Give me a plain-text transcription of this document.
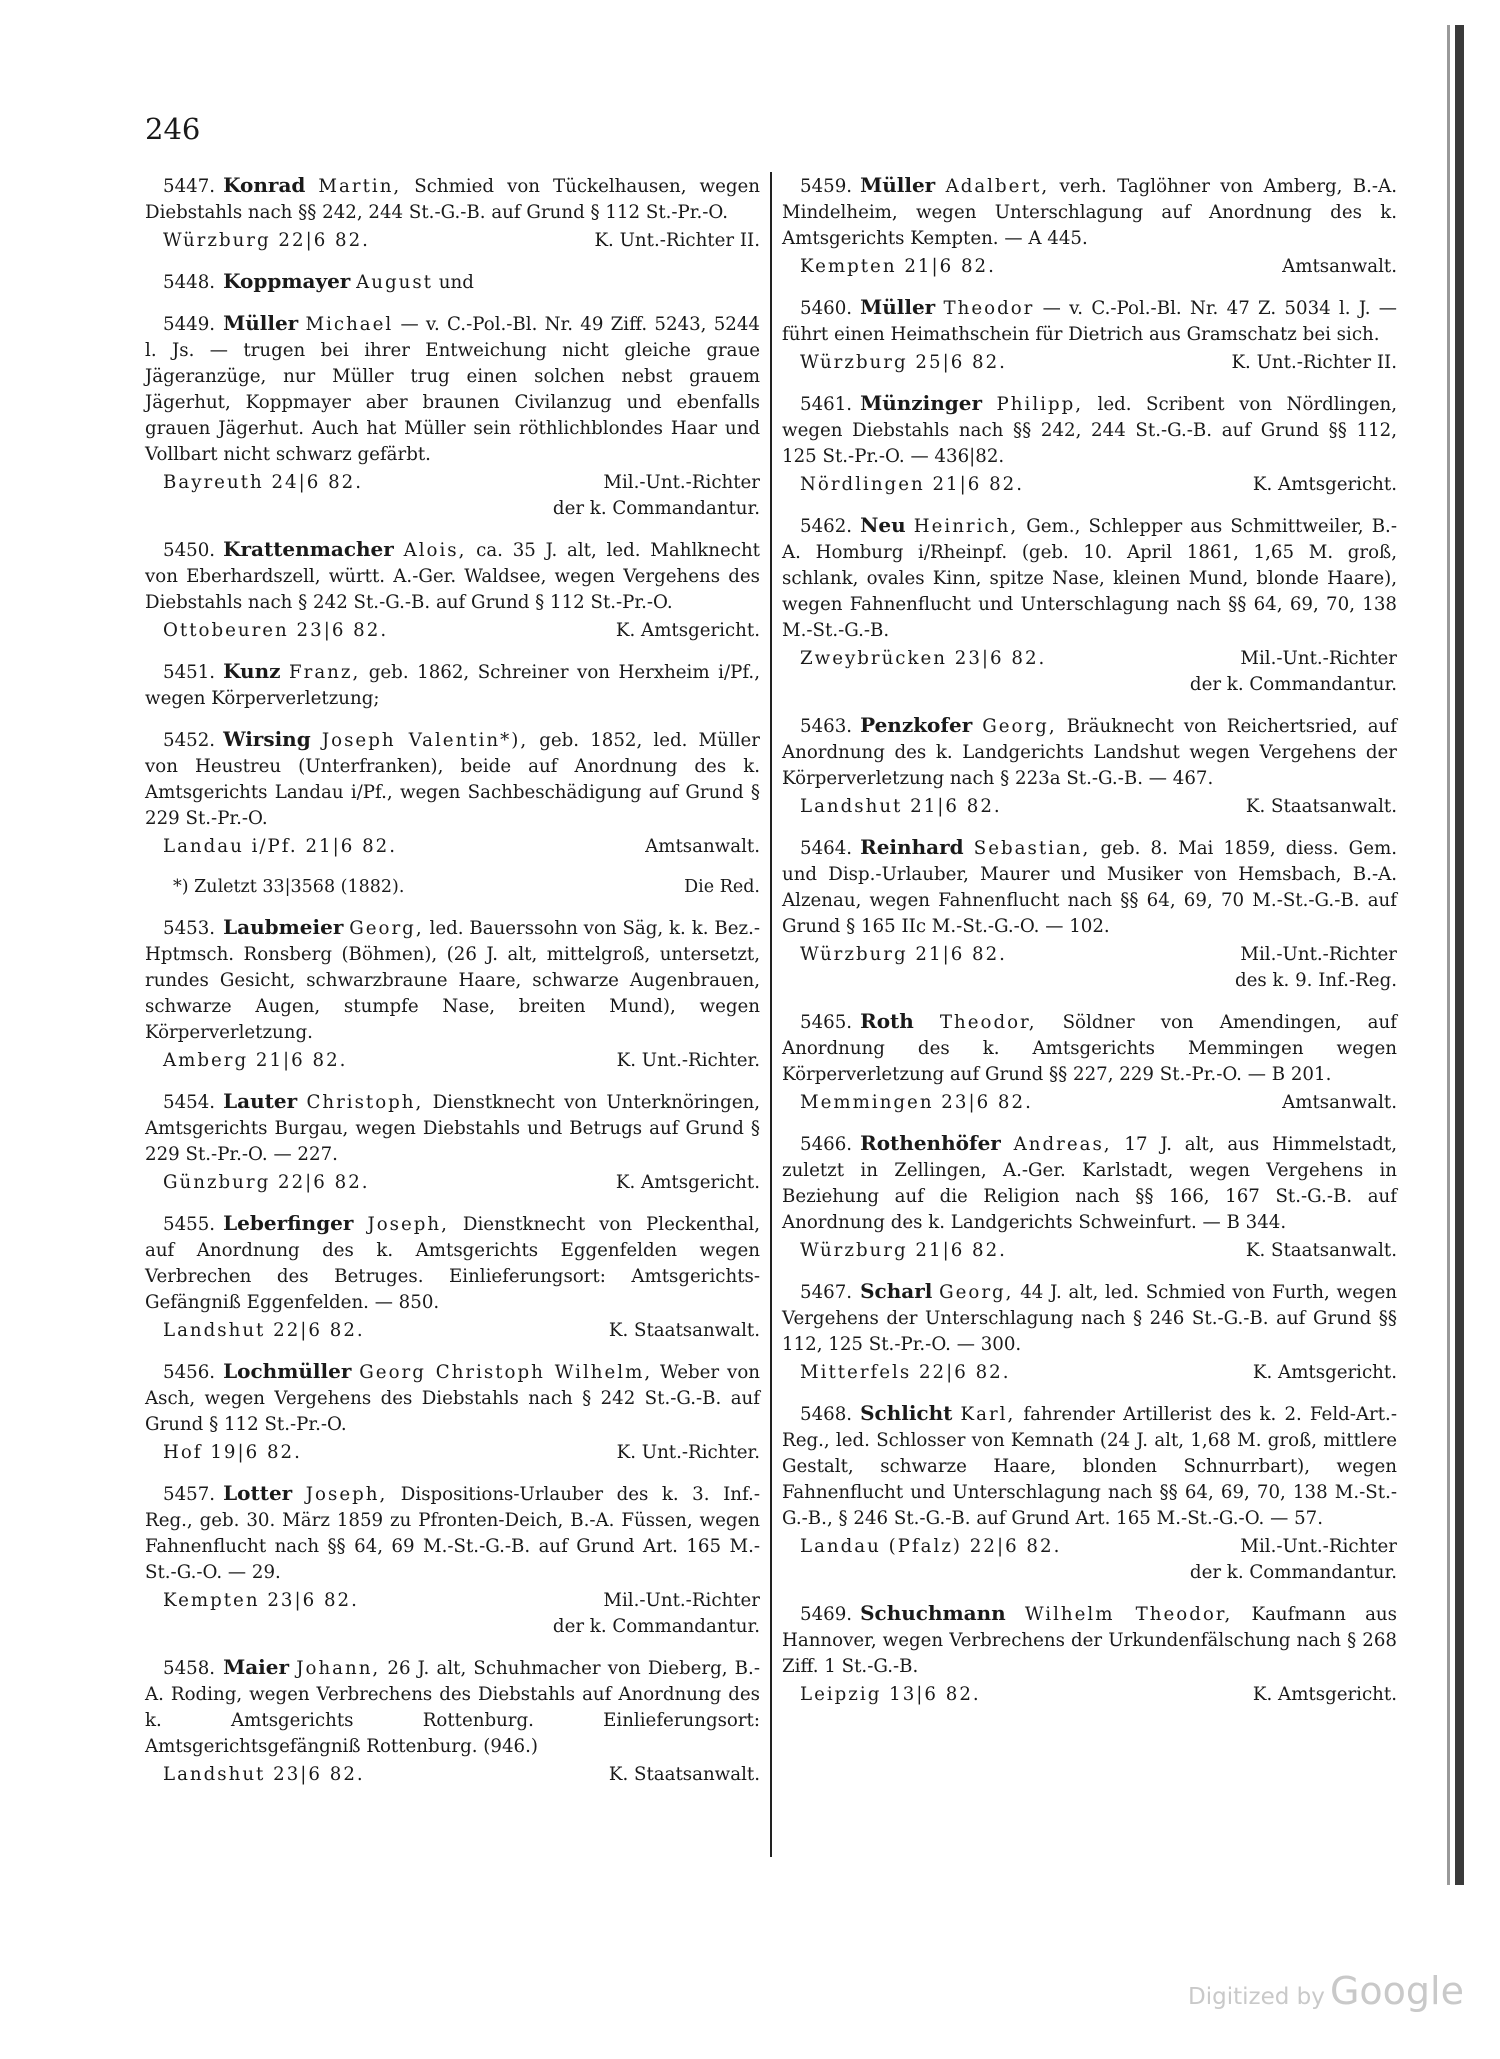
246
5447. Konrad Martin, Schmied von Tückelhausen, wegen Diebstahls nach §§ 242, 244 St.-G.-B. auf Grund § 112 St.-Pr.-O.
Würzburg 22|6 82.	K. Unt.-Richter II.
5448. Koppmayer August und
5449. Müller Michael — v. C.-Pol.-Bl. Nr. 49 Ziff. 5243, 5244 l. Js. — trugen bei ihrer Entweichung nicht gleiche graue Jägeranzüge, nur Müller trug einen solchen nebst grauem Jägerhut, Koppmayer aber braunen Civilanzug und ebenfalls grauen Jägerhut. Auch hat Müller sein röthlichblondes Haar und Vollbart nicht schwarz gefärbt.
Bayreuth 24|6 82.	Mil.-Unt.-Richter
der k. Commandantur.
5450. Krattenmacher Alois, ca. 35 J. alt, led. Mahlknecht von Eberhardszell, württ. A.-Ger. Waldsee, wegen Vergehens des Diebstahls nach § 242 St.-G.-B. auf Grund § 112 St.-Pr.-O.
Ottobeuren 23|6 82.	K. Amtsgericht.
5451. Kunz Franz, geb. 1862, Schreiner von Herxheim i/Pf., wegen Körperverletzung;
5452. Wirsing Joseph Valentin*), geb. 1852, led. Müller von Heustreu (Unterfranken), beide auf Anordnung des k. Amtsgerichts Landau i/Pf., wegen Sachbeschädigung auf Grund § 229 St.-Pr.-O.
Landau i/Pf. 21|6 82.	Amtsanwalt.
*) Zuletzt 33|3568 (1882).	Die Red.
5453. Laubmeier Georg, led. Bauerssohn von Säg, k. k. Bez.-Hptmsch. Ronsberg (Böhmen), (26 J. alt, mittelgroß, untersetzt, rundes Gesicht, schwarzbraune Haare, schwarze Augenbrauen, schwarze Augen, stumpfe Nase, breiten Mund), wegen Körperverletzung.
Amberg 21|6 82.	K. Unt.-Richter.
5454. Lauter Christoph, Dienstknecht von Unterknöringen, Amtsgerichts Burgau, wegen Diebstahls und Betrugs auf Grund § 229 St.-Pr.-O. — 227.
Günzburg 22|6 82.	K. Amtsgericht.
5455. Leberfinger Joseph, Dienstknecht von Pleckenthal, auf Anordnung des k. Amtsgerichts Eggenfelden wegen Verbrechen des Betruges. Einlieferungsort: Amtsgerichts-Gefängniß Eggenfelden. — 850.
Landshut 22|6 82.	K. Staatsanwalt.
5456. Lochmüller Georg Christoph Wilhelm, Weber von Asch, wegen Vergehens des Diebstahls nach § 242 St.-G.-B. auf Grund § 112 St.-Pr.-O.
Hof 19|6 82.	K. Unt.-Richter.
5457. Lotter Joseph, Dispositions-Urlauber des k. 3. Inf.-Reg., geb. 30. März 1859 zu Pfronten-Deich, B.-A. Füssen, wegen Fahnenflucht nach §§ 64, 69 M.-St.-G.-B. auf Grund Art. 165 M.-St.-G.-O. — 29.
Kempten 23|6 82.	Mil.-Unt.-Richter
der k. Commandantur.
5458. Maier Johann, 26 J. alt, Schuhmacher von Dieberg, B.-A. Roding, wegen Verbrechens des Diebstahls auf Anordnung des k. Amtsgerichts Rottenburg. Einlieferungsort: Amtsgerichtsgefängniß Rottenburg. (946.)
Landshut 23|6 82.	K. Staatsanwalt.
5459. Müller Adalbert, verh. Taglöhner von Amberg, B.-A. Mindelheim, wegen Unterschlagung auf Anordnung des k. Amtsgerichts Kempten. — A 445.
Kempten 21|6 82.	Amtsanwalt.
5460. Müller Theodor — v. C.-Pol.-Bl. Nr. 47 Z. 5034 l. J. — führt einen Heimathschein für Dietrich aus Gramschatz bei sich.
Würzburg 25|6 82.	K. Unt.-Richter II.
5461. Münzinger Philipp, led. Scribent von Nördlingen, wegen Diebstahls nach §§ 242, 244 St.-G.-B. auf Grund §§ 112, 125 St.-Pr.-O. — 436|82.
Nördlingen 21|6 82.	K. Amtsgericht.
5462. Neu Heinrich, Gem., Schlepper aus Schmittweiler, B.-A. Homburg i/Rheinpf. (geb. 10. April 1861, 1,65 M. groß, schlank, ovales Kinn, spitze Nase, kleinen Mund, blonde Haare), wegen Fahnenflucht und Unterschlagung nach §§ 64, 69, 70, 138 M.-St.-G.-B.
Zweybrücken 23|6 82.	Mil.-Unt.-Richter
der k. Commandantur.
5463. Penzkofer Georg, Bräuknecht von Reichertsried, auf Anordnung des k. Landgerichts Landshut wegen Vergehens der Körperverletzung nach § 223a St.-G.-B. — 467.
Landshut 21|6 82.	K. Staatsanwalt.
5464. Reinhard Sebastian, geb. 8. Mai 1859, diess. Gem. und Disp.-Urlauber, Maurer und Musiker von Hemsbach, B.-A. Alzenau, wegen Fahnenflucht nach §§ 64, 69, 70 M.-St.-G.-B. auf Grund § 165 IIc M.-St.-G.-O. — 102.
Würzburg 21|6 82.	Mil.-Unt.-Richter
des k. 9. Inf.-Reg.
5465. Roth Theodor, Söldner von Amendingen, auf Anordnung des k. Amtsgerichts Memmingen wegen Körperverletzung auf Grund §§ 227, 229 St.-Pr.-O. — B 201.
Memmingen 23|6 82.	Amtsanwalt.
5466. Rothenhöfer Andreas, 17 J. alt, aus Himmelstadt, zuletzt in Zellingen, A.-Ger. Karlstadt, wegen Vergehens in Beziehung auf die Religion nach §§ 166, 167 St.-G.-B. auf Anordnung des k. Landgerichts Schweinfurt. — B 344.
Würzburg 21|6 82.	K. Staatsanwalt.
5467. Scharl Georg, 44 J. alt, led. Schmied von Furth, wegen Vergehens der Unterschlagung nach § 246 St.-G.-B. auf Grund §§ 112, 125 St.-Pr.-O. — 300.
Mitterfels 22|6 82.	K. Amtsgericht.
5468. Schlicht Karl, fahrender Artillerist des k. 2. Feld-Art.-Reg., led. Schlosser von Kemnath (24 J. alt, 1,68 M. groß, mittlere Gestalt, schwarze Haare, blonden Schnurrbart), wegen Fahnenflucht und Unterschlagung nach §§ 64, 69, 70, 138 M.-St.-G.-B., § 246 St.-G.-B. auf Grund Art. 165 M.-St.-G.-O. — 57.
Landau (Pfalz) 22|6 82.	Mil.-Unt.-Richter
der k. Commandantur.
5469. Schuchmann Wilhelm Theodor, Kaufmann aus Hannover, wegen Verbrechens der Urkundenfälschung nach § 268 Ziff. 1 St.-G.-B.
Leipzig 13|6 82.	K. Amtsgericht.
Digitized by Google
